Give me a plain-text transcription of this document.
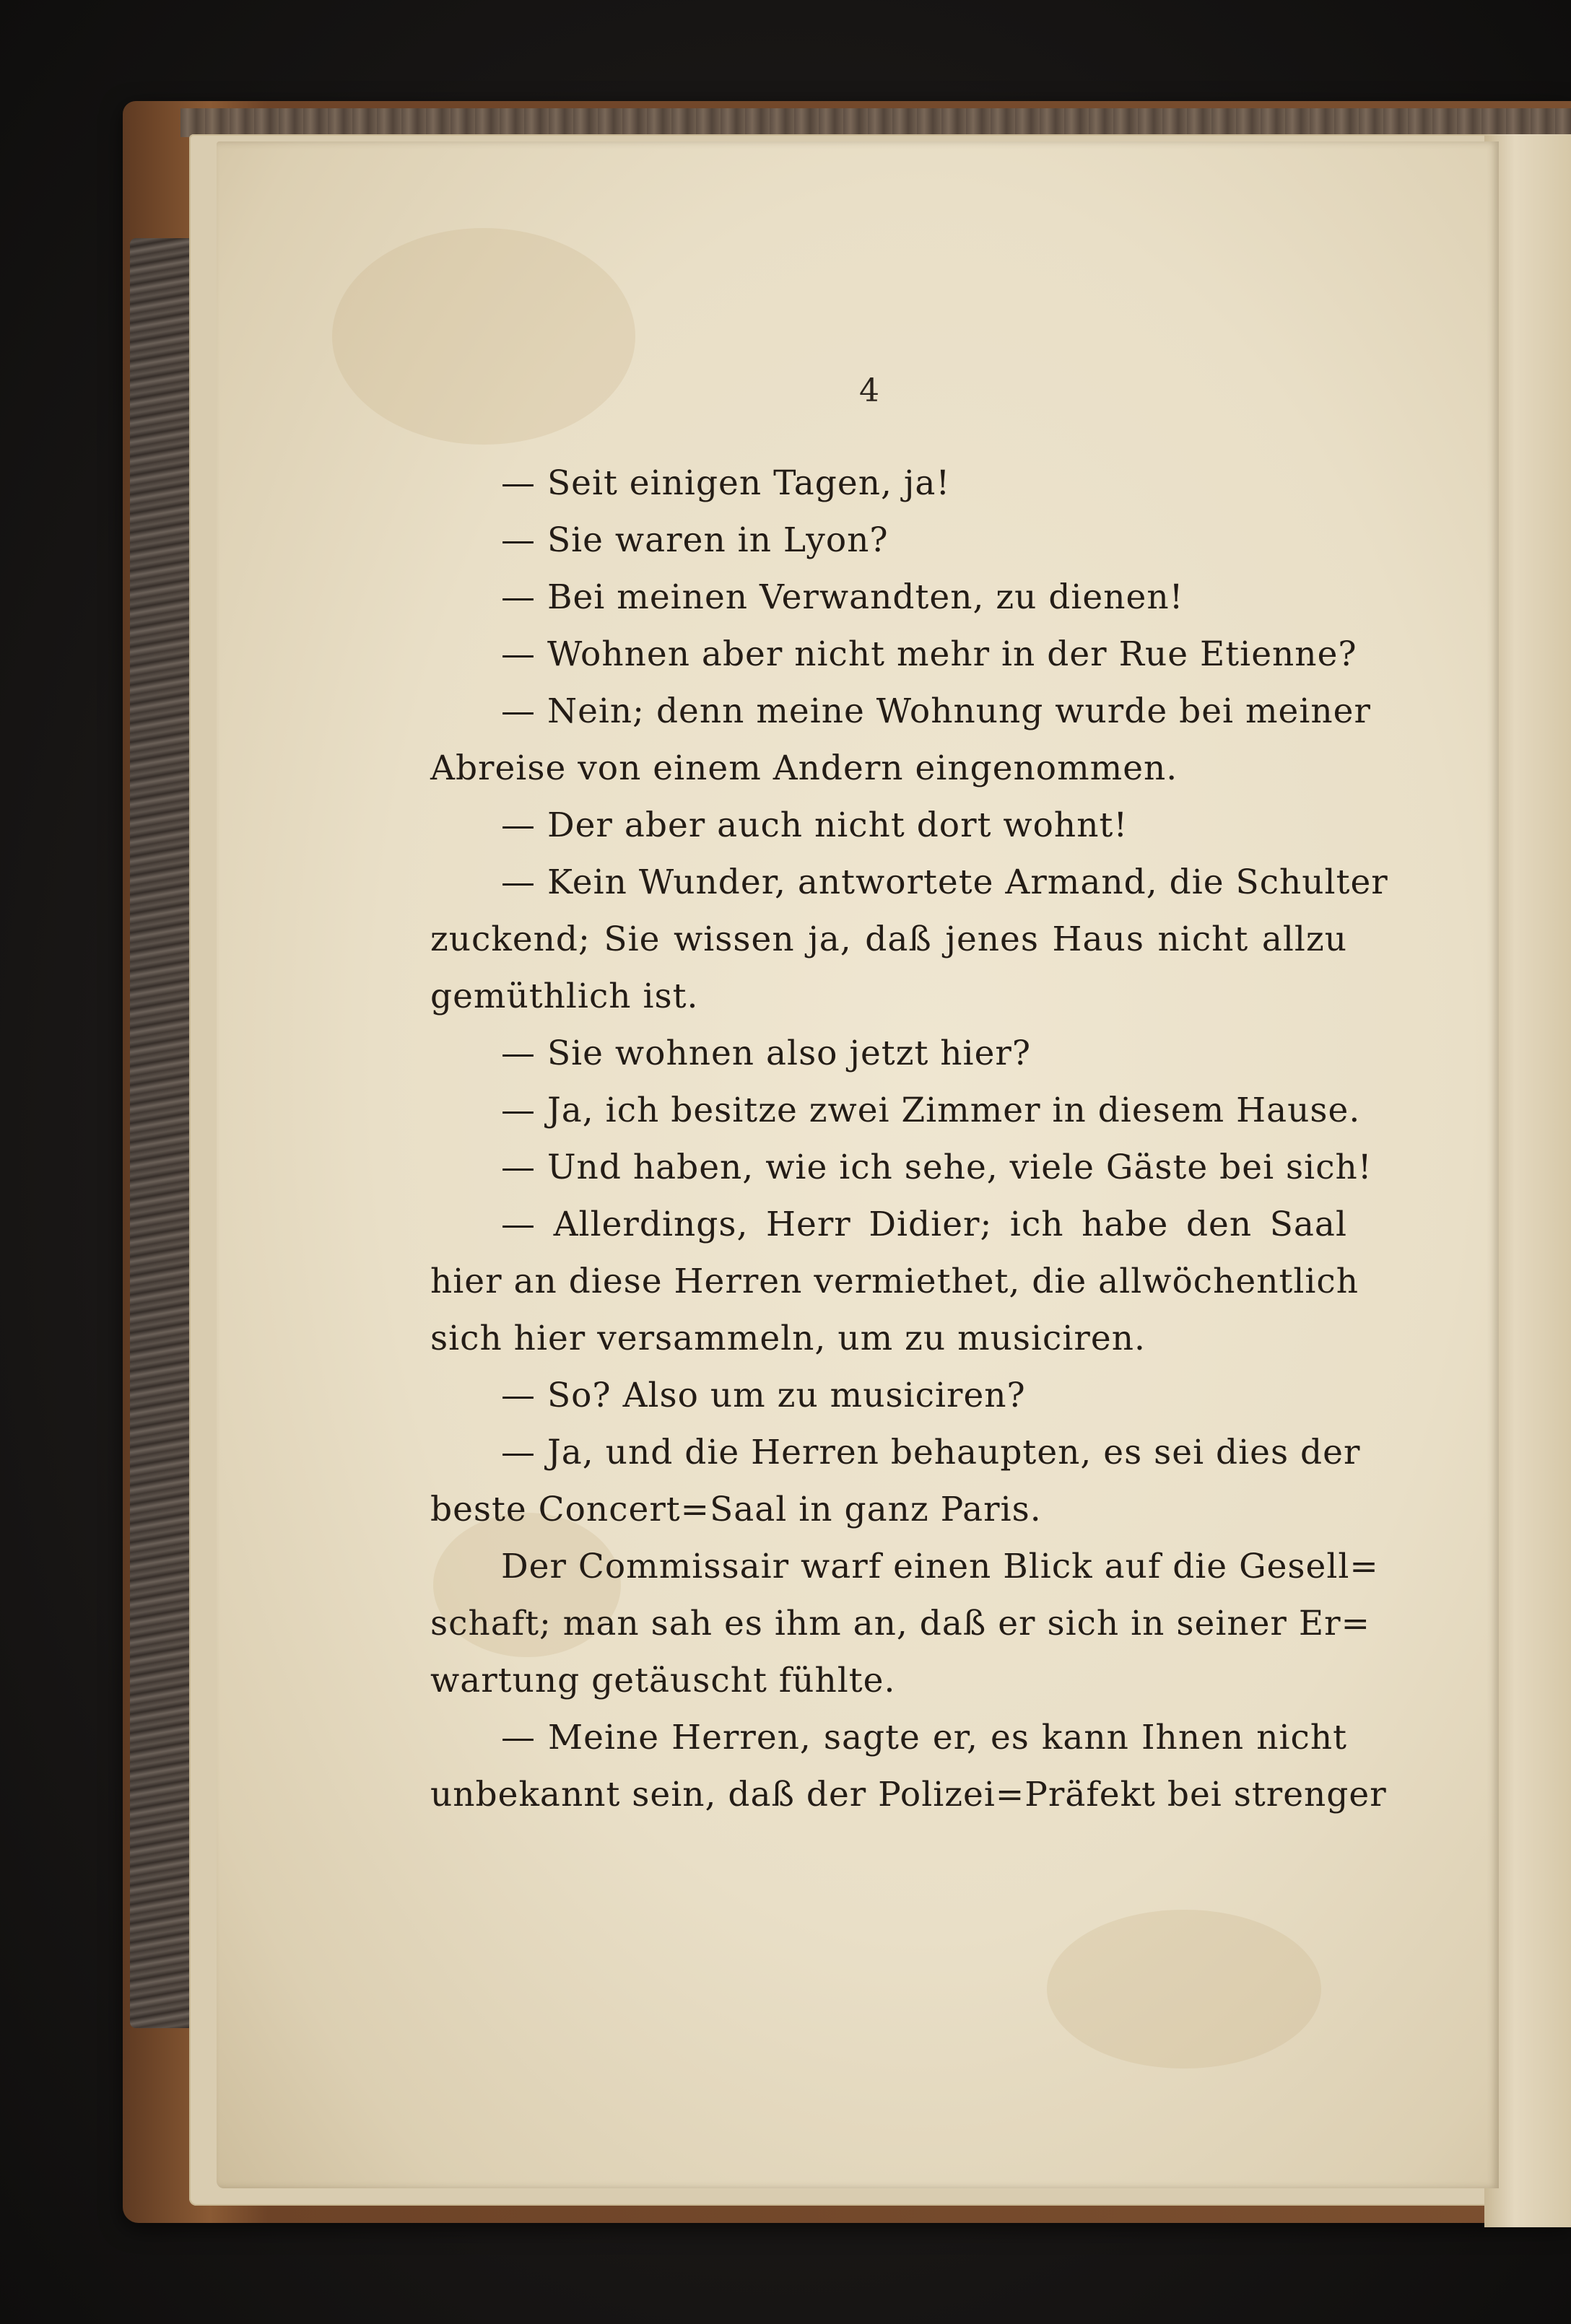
4
— Seit einigen Tagen, ja!
— Sie waren in Lyon?
— Bei meinen Verwandten, zu dienen!
— Wohnen aber nicht mehr in der Rue Etienne?
— Nein; denn meine Wohnung wurde bei meiner
Abreise von einem Andern eingenommen.
— Der aber auch nicht dort wohnt!
— Kein Wunder, antwortete Armand, die Schulter
zuckend; Sie wissen ja, daß jenes Haus nicht allzu
gemüthlich ist.
— Sie wohnen also jetzt hier?
— Ja, ich besitze zwei Zimmer in diesem Hause.
— Und haben, wie ich sehe, viele Gäste bei sich!
— Allerdings, Herr Didier; ich habe den Saal
hier an diese Herren vermiethet, die allwöchentlich
sich hier versammeln, um zu musiciren.
— So? Also um zu musiciren?
— Ja, und die Herren behaupten, es sei dies der
beste Concert=Saal in ganz Paris.
Der Commissair warf einen Blick auf die Gesell=
schaft; man sah es ihm an, daß er sich in seiner Er=
wartung getäuscht fühlte.
— Meine Herren, sagte er, es kann Ihnen nicht
unbekannt sein, daß der Polizei=Präfekt bei strenger
